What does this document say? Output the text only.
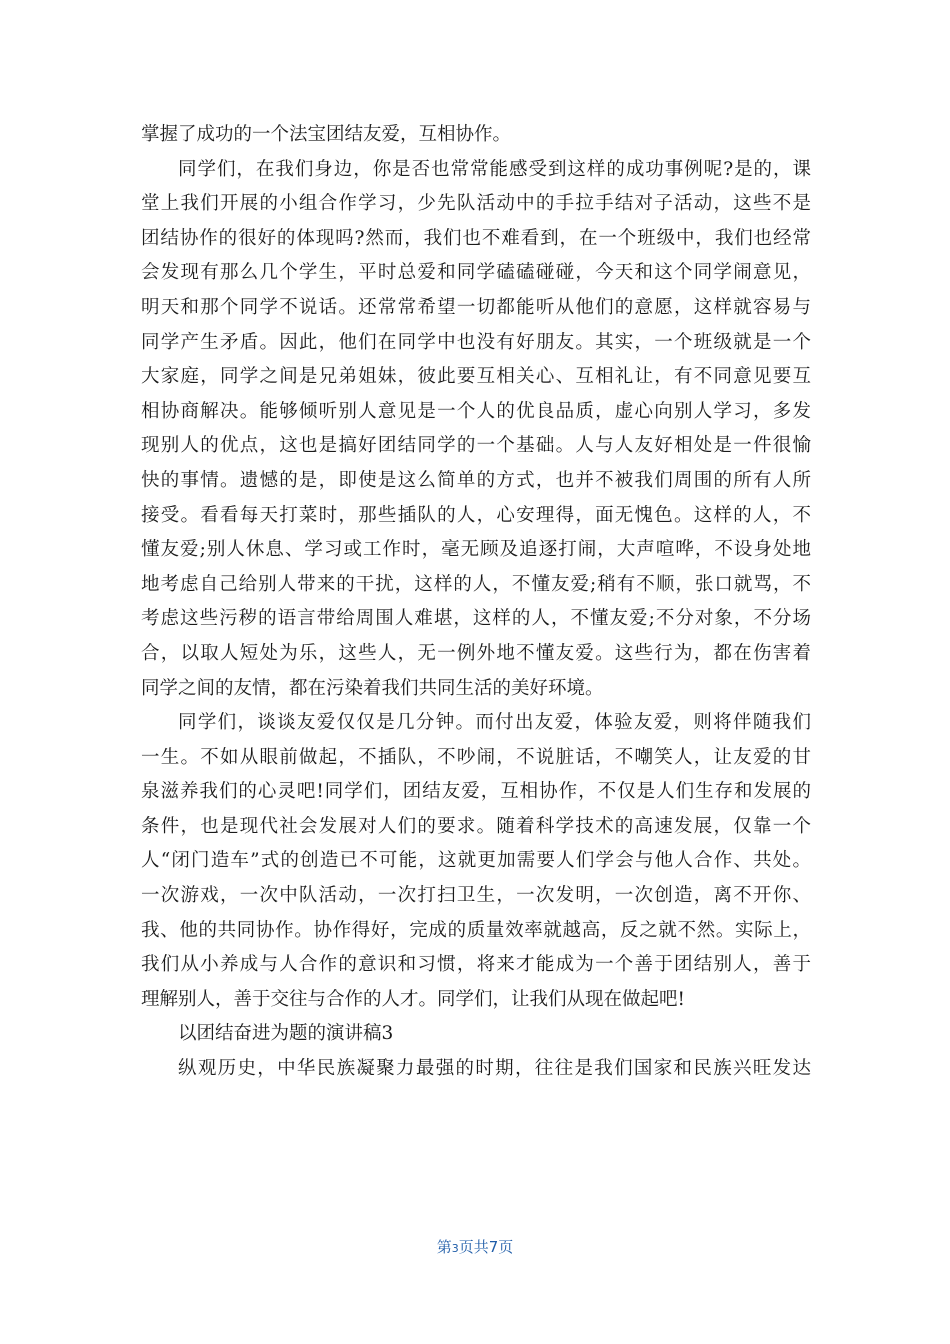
掌握了成功的一个法宝团结友爱，互相协作。
同学们，在我们身边，你是否也常常能感受到这样的成功事例呢?是的，课
堂上我们开展的小组合作学习，少先队活动中的手拉手结对子活动，这些不是
团结协作的很好的体现吗?然而，我们也不难看到，在一个班级中，我们也经常
会发现有那么几个学生，平时总爱和同学磕磕碰碰，今天和这个同学闹意见，
明天和那个同学不说话。还常常希望一切都能听从他们的意愿，这样就容易与
同学产生矛盾。因此，他们在同学中也没有好朋友。其实，一个班级就是一个
大家庭，同学之间是兄弟姐妹，彼此要互相关心、互相礼让，有不同意见要互
相协商解决。能够倾听别人意见是一个人的优良品质，虚心向别人学习，多发
现别人的优点，这也是搞好团结同学的一个基础。人与人友好相处是一件很愉
快的事情。遗憾的是，即使是这么简单的方式，也并不被我们周围的所有人所
接受。看看每天打菜时，那些插队的人，心安理得，面无愧色。这样的人，不
懂友爱;别人休息、学习或工作时，毫无顾及追逐打闹，大声喧哗，不设身处地
地考虑自己给别人带来的干扰，这样的人，不懂友爱;稍有不顺，张口就骂，不
考虑这些污秽的语言带给周围人难堪，这样的人，不懂友爱;不分对象，不分场
合，以取人短处为乐，这些人，无一例外地不懂友爱。这些行为，都在伤害着
同学之间的友情，都在污染着我们共同生活的美好环境。
同学们，谈谈友爱仅仅是几分钟。而付出友爱，体验友爱，则将伴随我们
一生。不如从眼前做起，不插队，不吵闹，不说脏话，不嘲笑人，让友爱的甘
泉滋养我们的心灵吧!同学们，团结友爱，互相协作，不仅是人们生存和发展的
条件，也是现代社会发展对人们的要求。随着科学技术的高速发展，仅靠一个
人“闭门造车”式的创造已不可能，这就更加需要人们学会与他人合作、共处。
一次游戏，一次中队活动，一次打扫卫生，一次发明，一次创造，离不开你、
我、他的共同协作。协作得好，完成的质量效率就越高，反之就不然。实际上，
我们从小养成与人合作的意识和习惯，将来才能成为一个善于团结别人，善于
理解别人，善于交往与合作的人才。同学们，让我们从现在做起吧!
以团结奋进为题的演讲稿3
纵观历史，中华民族凝聚力最强的时期，往往是我们国家和民族兴旺发达
第3页共7页
